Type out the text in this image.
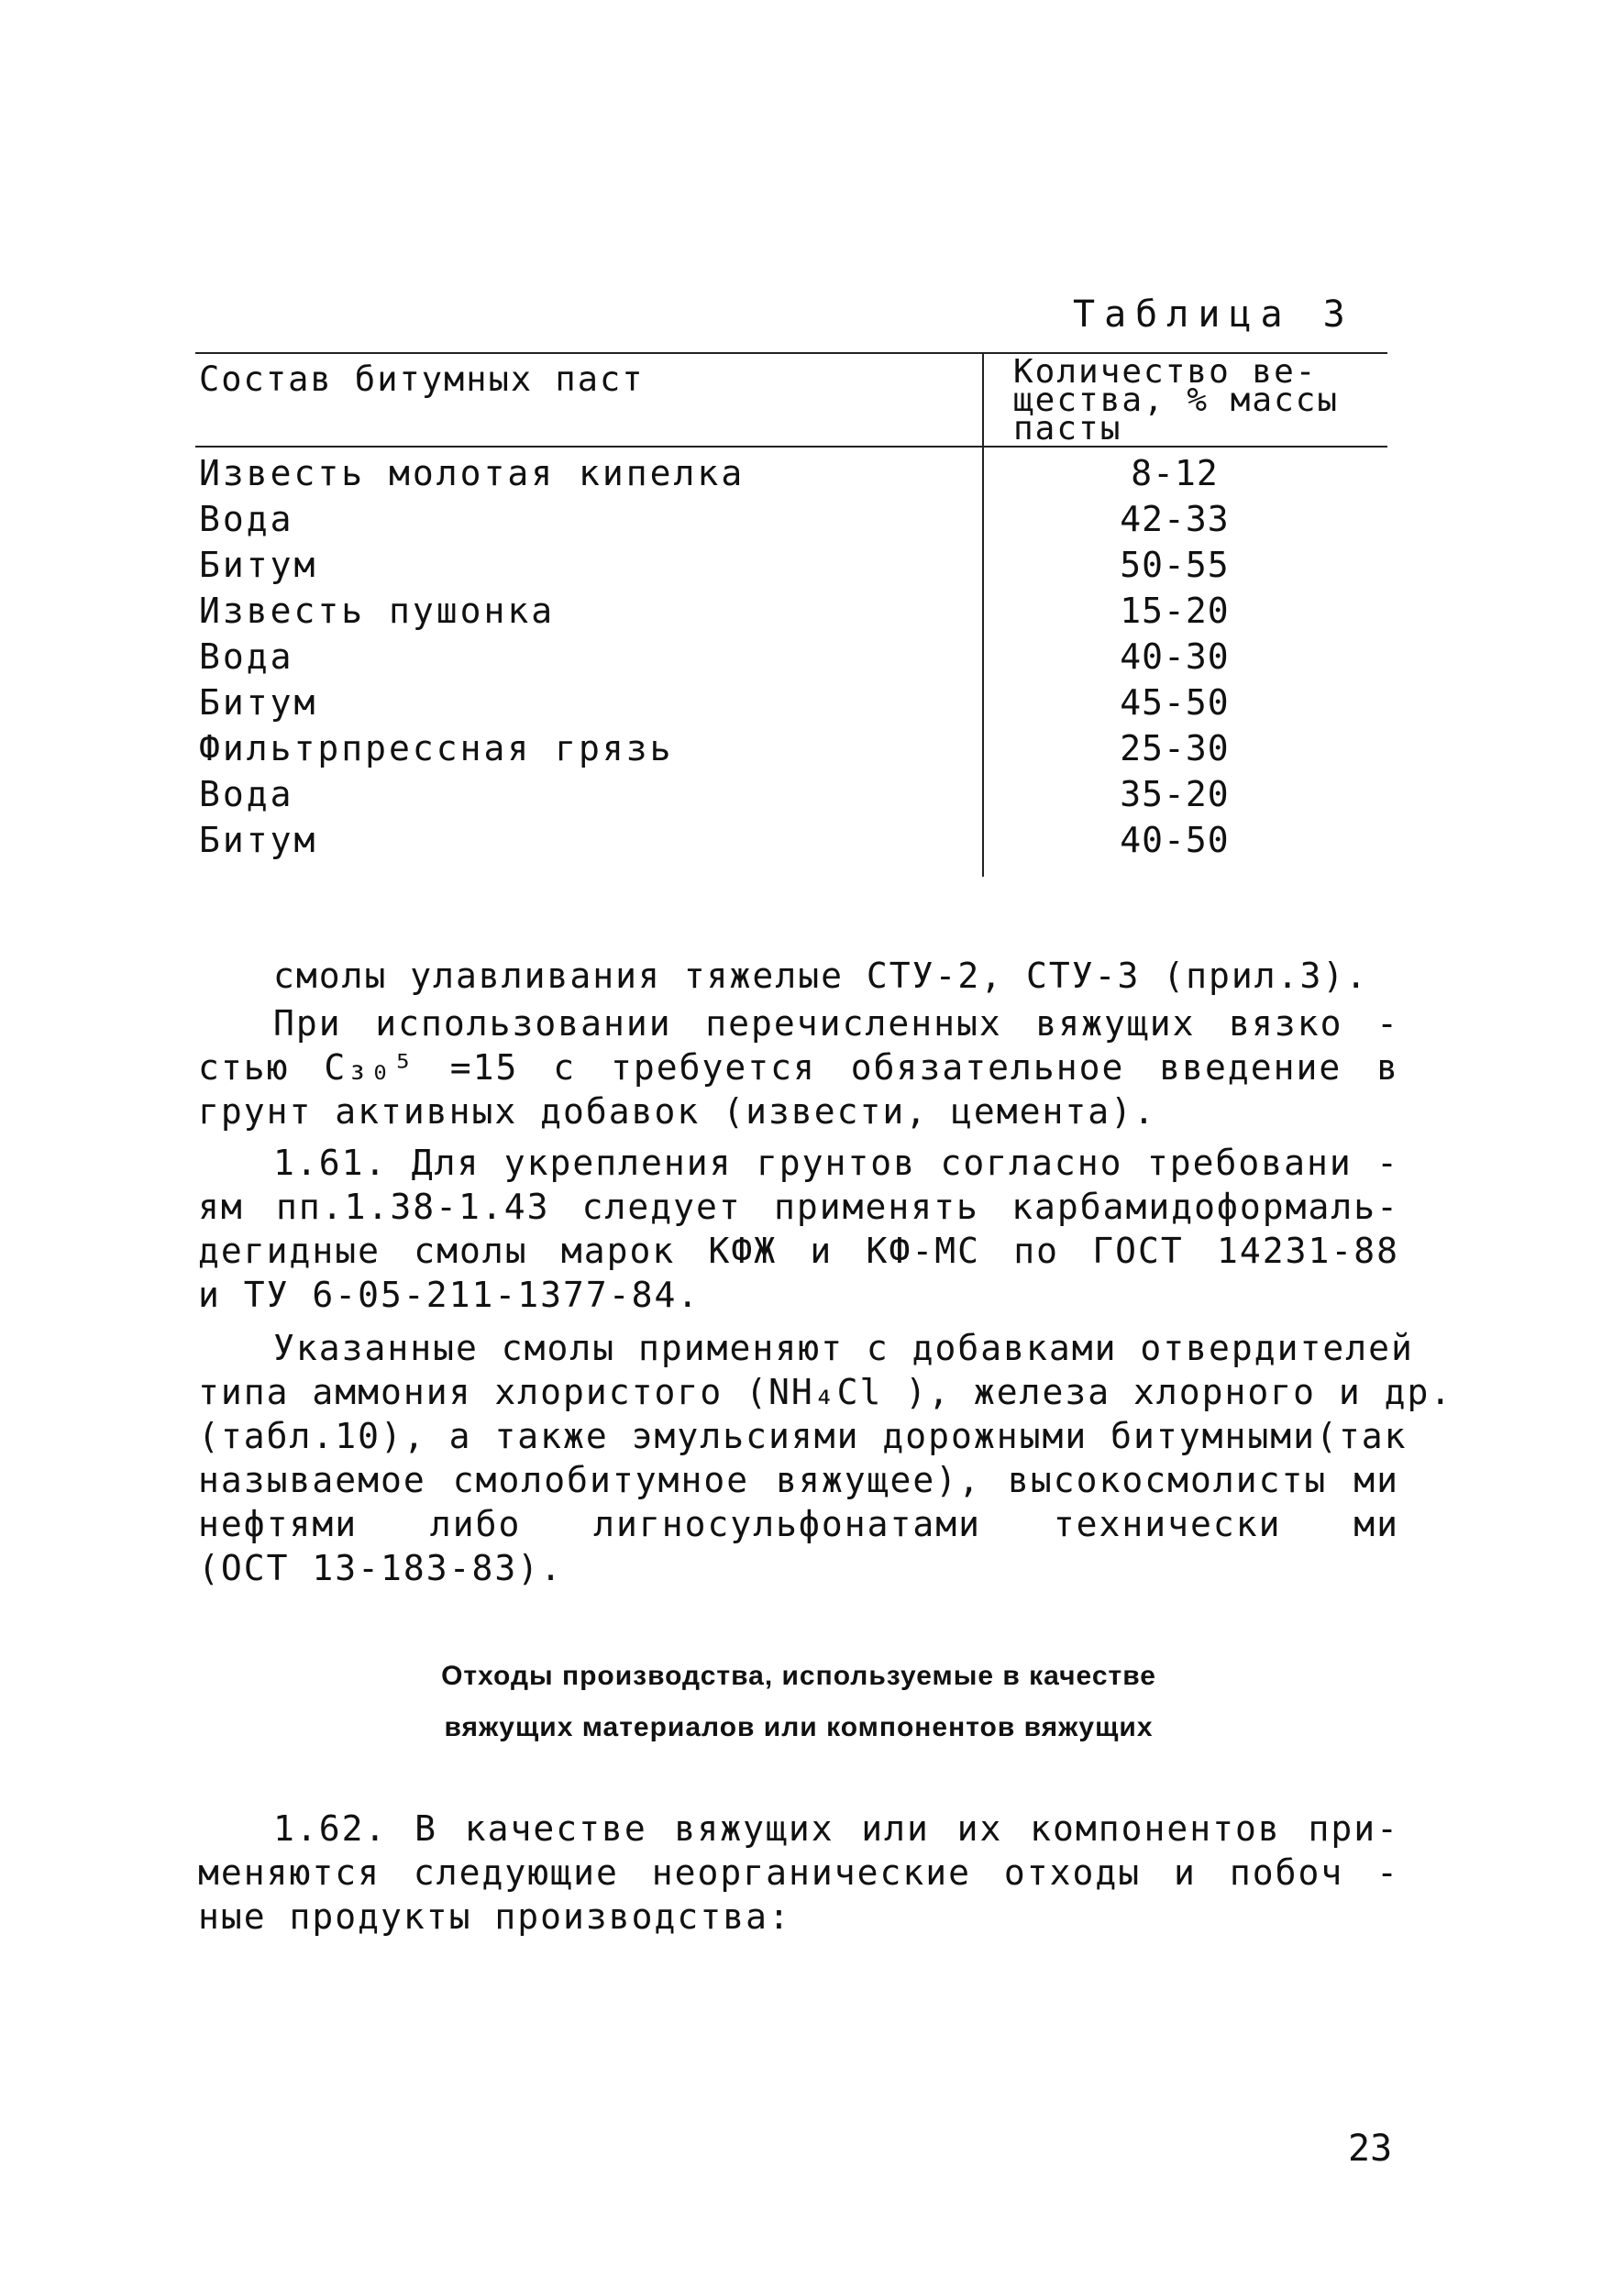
Таблица 3
Состав битумных паст	Количество ве-
щества, % массы
пасты
Известь молотая кипелка	8-12
Вода	42-33
Битум	50-55
Известь пушонка	15-20
Вода	40-30
Битум	45-50
Фильтрпрессная грязь	25-30
Вода	35-20
Битум	40-50
смолы улавливания тяжелые СТУ-2, СТУ-3 (прил.3).
При использовании перечисленных вяжущих вязко -
стью C₃₀⁵ =15 с требуется обязательное введение в
грунт активных добавок (извести, цемента).
1.61. Для укрепления грунтов согласно требовани -
ям пп.1.38-1.43 следует применять карбамидоформаль-
дегидные смолы марок КФЖ и КФ-МС по ГОСТ 14231-88
и ТУ 6-05-211-1377-84.
Указанные смолы применяют с добавками отвердителей
типа аммония хлористого (NH₄Cl ), железа хлорного и др.
(табл.10), а также эмульсиями дорожными битумными(так
называемое смолобитумное вяжущее), высокосмолисты ми
нефтями либо лигносульфонатами технически ми
(ОСТ 13-183-83).
Отходы производства, используемые в качестве
вяжущих материалов или компонентов вяжущих
1.62. В качестве вяжущих или их компонентов при-
меняются следующие неорганические отходы и побоч -
ные продукты производства:
23
